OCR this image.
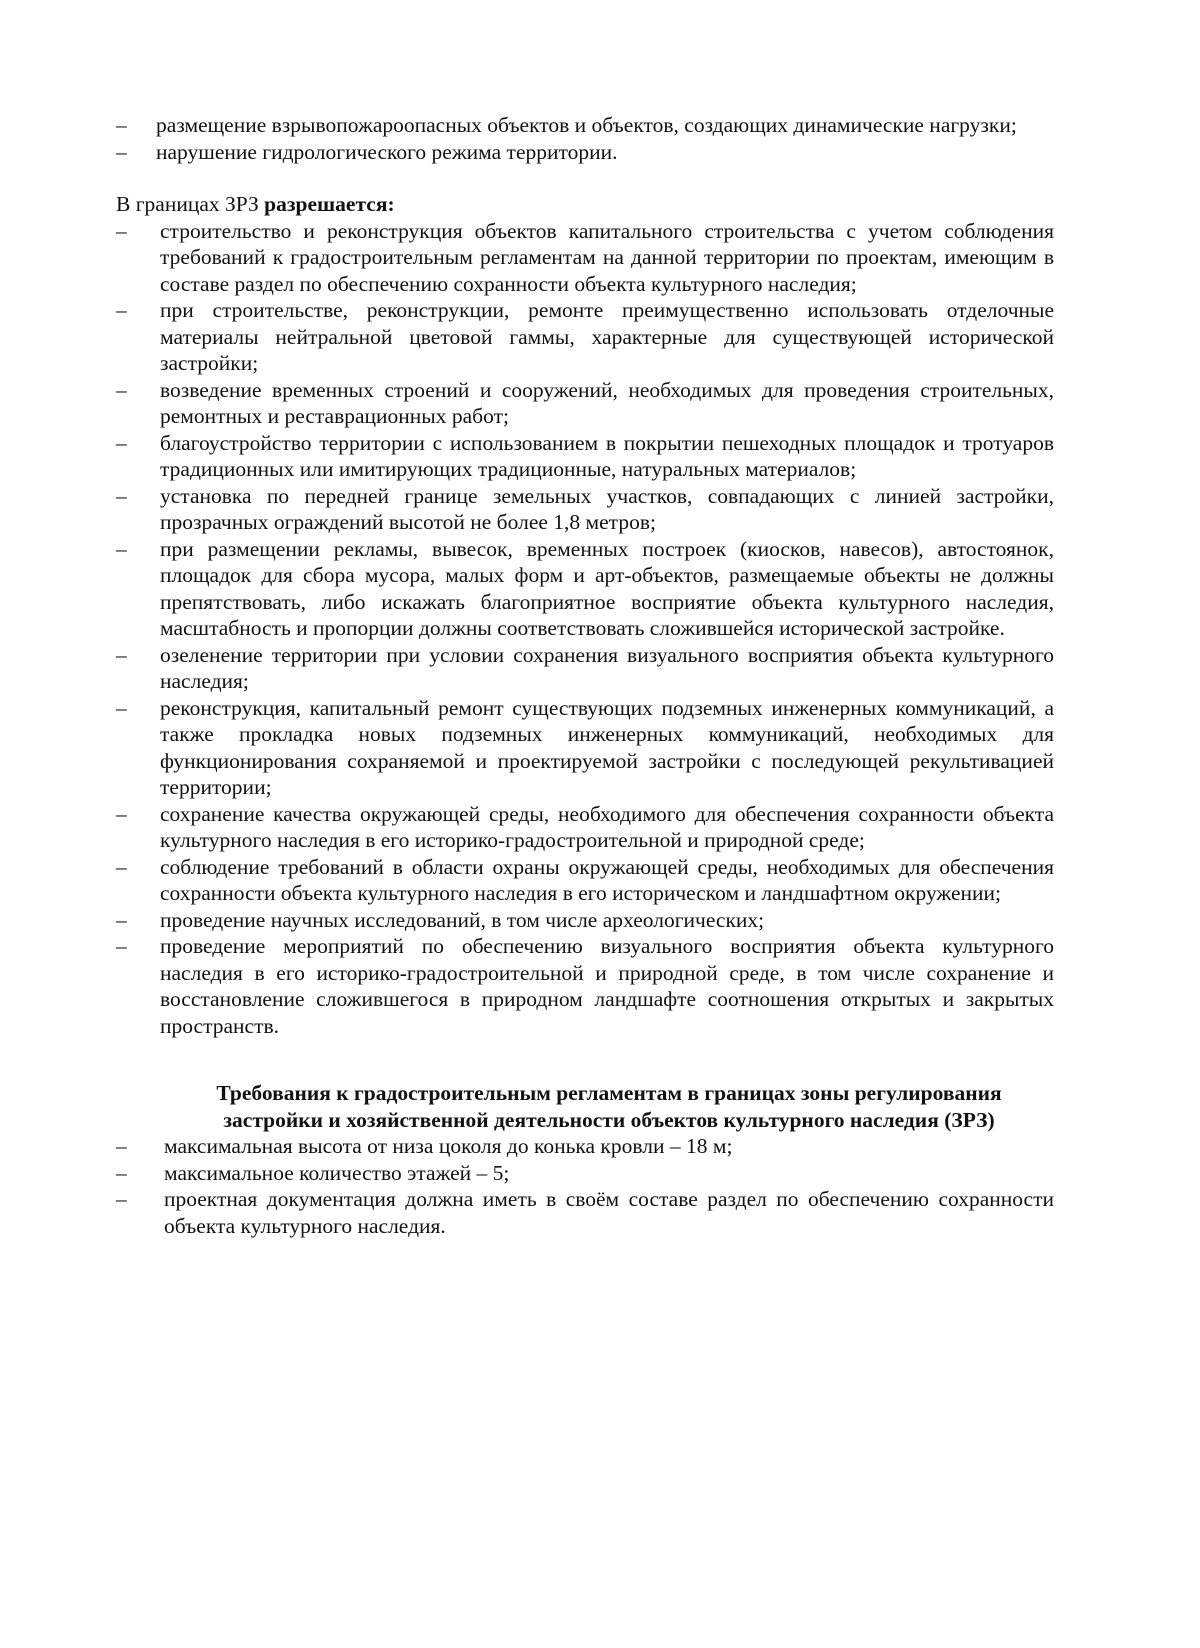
– размещение взрывопожароопасных объектов и объектов, создающих динамические нагрузки;
– нарушение гидрологического режима территории.

В границах ЗРЗ разрешается:

– строительство и реконструкция объектов капитального строительства с учетом соблюдения требований к градостроительным регламентам на данной территории по проектам, имеющим в составе раздел по обеспечению сохранности объекта культурного наследия;
– при строительстве, реконструкции, ремонте преимущественно использовать отделочные материалы нейтральной цветовой гаммы, характерные для существующей исторической застройки;
– возведение временных строений и сооружений, необходимых для проведения строительных, ремонтных и реставрационных работ;
– благоустройство территории с использованием в покрытии пешеходных площадок и тротуаров традиционных или имитирующих традиционные, натуральных материалов;
– установка по передней границе земельных участков, совпадающих с линией застройки, прозрачных ограждений высотой не более 1,8 метров;
– при размещении рекламы, вывесок, временных построек (киосков, навесов), автостоянок, площадок для сбора мусора, малых форм и арт-объектов, размещаемые объекты не должны препятствовать, либо искажать благоприятное восприятие объекта культурного наследия, масштабность и пропорции должны соответствовать сложившейся исторической застройке.
– озеленение территории при условии сохранения визуального восприятия объекта культурного наследия;
– реконструкция, капитальный ремонт существующих подземных инженерных коммуникаций, а также прокладка новых подземных инженерных коммуникаций, необходимых для функционирования сохраняемой и проектируемой застройки с последующей рекультивацией территории;
– сохранение качества окружающей среды, необходимого для обеспечения сохранности объекта культурного наследия в его историко-градостроительной и природной среде;
– соблюдение требований в области охраны окружающей среды, необходимых для обеспечения сохранности объекта культурного наследия в его историческом и ландшафтном окружении;
– проведение научных исследований, в том числе археологических;
– проведение мероприятий по обеспечению визуального восприятия объекта культурного наследия в его историко-градостроительной и природной среде, в том числе сохранение и восстановление сложившегося в природном ландшафте соотношения открытых и закрытых пространств.
Требования к градостроительным регламентам в границах зоны регулирования
застройки и хозяйственной деятельности объектов культурного наследия (ЗРЗ)
– максимальная высота от низа цоколя до конька кровли – 18 м;
– максимальное количество этажей – 5;
– проектная документация должна иметь в своём составе раздел по обеспечению сохранности объекта культурного наследия.
